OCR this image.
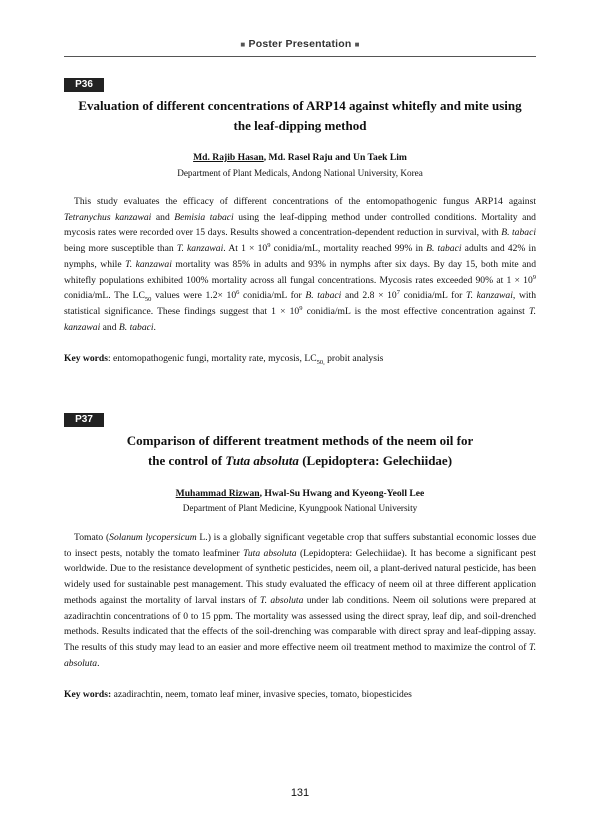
■ Poster Presentation ■
P36
Evaluation of different concentrations of ARP14 against whitefly and mite using
the leaf-dipping method
Md. Rajib Hasan, Md. Rasel Raju and Un Taek Lim
Department of Plant Medicals, Andong National University, Korea

This study evaluates the efficacy of different concentrations of the entomopathogenic fungus ARP14 against Tetranychus kanzawai and Bemisia tabaci using the leaf-dipping method under controlled conditions. Mortality and mycosis rates were recorded over 15 days. Results showed a concentration-dependent reduction in survival, with B. tabaci being more susceptible than T. kanzawai. At $1 \times 10^9$ conidia/mL, mortality reached 99% in B. tabaci adults and 42% in nymphs, while T. kanzawai mortality was 85% in adults and 93% in nymphs after six days. By day 15, both mite and whitefly populations exhibited 100% mortality across all fungal concentrations. Mycosis rates exceeded 90% at $1 \times 10^9$ conidia/mL. The $LC_{50}$ values were $1.2\times 10^6$ conidia/mL for B. tabaci and $2.8 \times 10^7$ conidia/mL for T. kanzawai, with statistical significance. These findings suggest that $1 \times 10^9$ conidia/mL is the most effective concentration against T. kanzawai and B. tabaci.

Key words: entomopathogenic fungi, mortality rate, mycosis, $LC_{50,}$ probit analysis
P37
Comparison of different treatment methods of the neem oil for
the control of Tuta absoluta (Lepidoptera: Gelechiidae)
Muhammad Rizwan, Hwal-Su Hwang and Kyeong-Yeoll Lee
Department of Plant Medicine, Kyungpook National University

Tomato (Solanum lycopersicum L.) is a globally significant vegetable crop that suffers substantial economic losses due to insect pests, notably the tomato leafminer Tuta absoluta (Lepidoptera: Gelechiidae). It has become a significant pest worldwide. Due to the resistance development of synthetic pesticides, neem oil, a plant-derived natural pesticide, has been widely used for sustainable pest management. This study evaluated the efficacy of neem oil at three different application methods against the mortality of larval instars of T. absoluta under lab conditions. Neem oil solutions were prepared at azadirachtin concentrations of 0 to 15 ppm. The mortality was assessed using the direct spray, leaf dip, and soil-drenched methods. Results indicated that the effects of the soil-drenching was comparable with direct spray and leaf-dipping assay. The results of this study may lead to an easier and more effective neem oil treatment method to maximize the control of T. absoluta.

Key words: azadirachtin, neem, tomato leaf miner, invasive species, tomato, biopesticides
131
